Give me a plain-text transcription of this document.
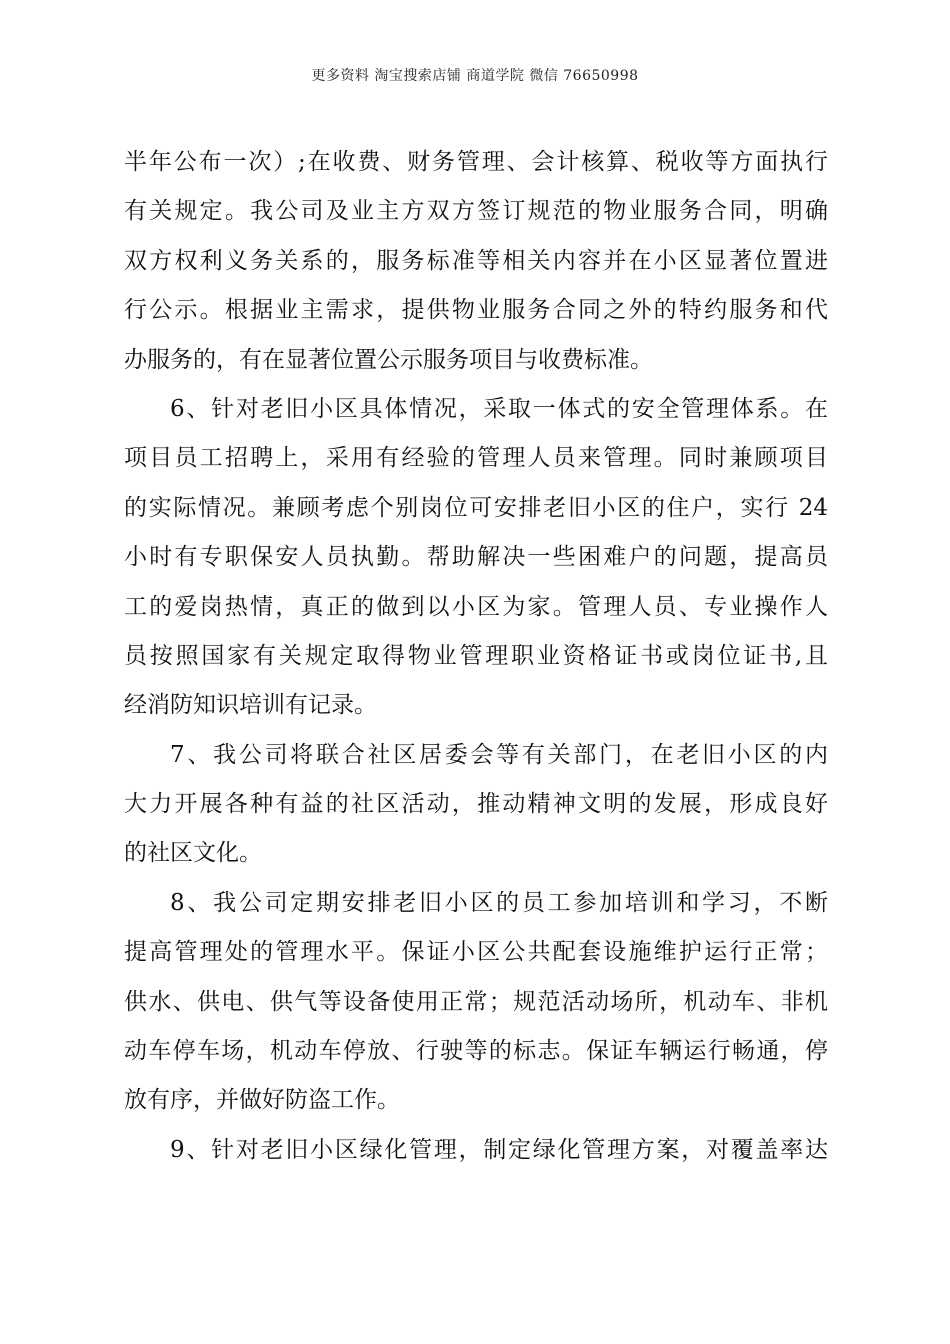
更多资料 淘宝搜索店铺 商道学院 微信 76650998
半年公布一次）;在收费、财务管理、会计核算、税收等方面执行
有关规定。我公司及业主方双方签订规范的物业服务合同，明确
双方权利义务关系的，服务标准等相关内容并在小区显著位置进
行公示。根据业主需求，提供物业服务合同之外的特约服务和代
办服务的，有在显著位置公示服务项目与收费标准。
6、针对老旧小区具体情况，采取一体式的安全管理体系。在
项目员工招聘上，采用有经验的管理人员来管理。同时兼顾项目
的实际情况。兼顾考虑个别岗位可安排老旧小区的住户，实行 24
小时有专职保安人员执勤。帮助解决一些困难户的问题，提高员
工的爱岗热情，真正的做到以小区为家。管理人员、专业操作人
员按照国家有关规定取得物业管理职业资格证书或岗位证书,且
经消防知识培训有记录。
7、我公司将联合社区居委会等有关部门，在老旧小区的内
大力开展各种有益的社区活动，推动精神文明的发展，形成良好
的社区文化。
8、我公司定期安排老旧小区的员工参加培训和学习，不断
提高管理处的管理水平。保证小区公共配套设施维护运行正常；
供水、供电、供气等设备使用正常；规范活动场所，机动车、非机
动车停车场，机动车停放、行驶等的标志。保证车辆运行畅通，停
放有序，并做好防盗工作。
9、针对老旧小区绿化管理，制定绿化管理方案，对覆盖率达
